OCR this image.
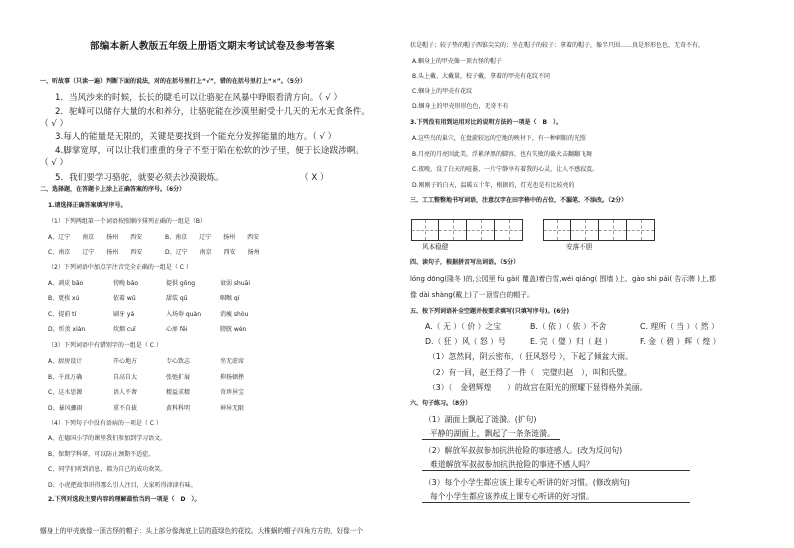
部编本新人教版五年级上册语文期末考试试卷及参考答案
一、听故事（只读一遍）判断下面的说法，对的在括号里打上“√”，错的在括号里打上“×”。（5分）
1．当风沙来的时候，长长的睫毛可以让骆驼在风暴中睁眼看清方向。（ √ ）
2．驼峰可以储存大量的水和养分，让骆驼能在沙漠里耐受十几天的无水无食条件。
（ √ ）
3.每人的能量是无限的，关键是要找到一个能充分发挥能量的地方。（ √ ）
4.脚掌宽厚，可以让我们重重的身子不至于陷在松软的沙子里，便于长途跋涉啊。
（ √ ）
5．我们要学习骆驼，就要必须去沙漠锻炼。	（ X ）
二、选择题，在答题卡上涂上正确答案的序号。（6分）
1.请选择正确答案填写序号。
（1）下列两组第一个词语按照顺序排列正确的一组是（B）
A、辽宁　　南京　　扬州　　西安	B、南京　　辽宁　　扬州　　西安
C、南京　　辽宁　　扬州　　西安	D、辽宁　　南京　　西安　　扬州
（2）下列词语中加点字注音完全正确的一组是（ C ）
A、剥皮 bāo	傍晚 bāo	提供 gōng	衰弱 shuāi
B、更挨 xú	依着 wǔ	甜装 qǔ	咽喉 qí
C、提前 tí	刷牙 yá	入场券 quàn	消瘦 shòu
D、忻羡 xiàn	炊烟 cuī	心扉 fēi	膀胱 wén
（3）下列词语中有错别字的一组是（ C ）
A、厨房设计	开心地方	专心致志	坐无虚席
B、千真万确	自高自大	张弛扩展	抑扬顿挫
C、这水思源	语人不奢	精益求精	奇珍异宝
D、暴风骤雨	重不自拔	黄科科明	神异无限
（4）下列句子中没有语病的一项是（ C ）
A、在德国小学的课里我们参加到学习语文。
B、保期学科研，可以防止颈期不适症。
C、同学们听到消息，都为自己的成功欢笑。
D、小虎把故事讲得那么引人注目，大家听得津津有味。
2.下列对选段主要内容的理解最恰当的一项是（　D　）。
蝈身上的甲壳就像一顶古怪的帽子：头上部分像海底上层的蓝绿色的花纹。大椎蜗的帽子四角方方的，好像一个
状是帽子；较子垫的帽子西锥尖尖的；坐在帽子的较子：拿着的帽子，像半只围……真是形形色色，无奇不有。
A.蝈身上的甲壳像一顶古怪的帽子
B.头上戴、大戴量，校子戴，拿着的甲壳有花纹不同
C.蝈身上的甲壳有花纹
D.蝈身上的甲壳形形色色，无奇不有
3.下列没有用到运用对比的说明方法的一项是（　B　）。
A.这些鸟的巢穴，在盘旋较远的空地的映衬下，有一种刺眼的光照
B.月亮的月亮因此美，浮累泽黑的脚容，也有失败的截火击翻翻飞舞
C.夜晚，没了白天的喧嚣，一片宁静享有着我的心灵，让人不感寂寞。
D.刚刚子的白天，温暖五十年，根据的，灯光也是有比较亮的
三、工工整整地书写词语，注意汉字在田字格中的占位，不漏笔、不添改。（2分）
风本稳健	安落不胆
四、读句子，根据拼音写出词语。（5分）
lóng dōng(隆冬 )的,公园里 fù gài( 覆盖)着白雪,wéi qiáng( 围墙 )上、gào shì pái( 告示牌 )上,都
像 dài shàng(戴上)了一顶雪白的帽子。
五、按下列词语补全空题并按要求填写(只填写序号)。(6分)
A.（ 无 ）（ 价 ）之宝	B.（ 依 ）（ 依 ）不舍	C. 理所（ 当 ）（ 然 ）
D.（ 狂 ）风（ 怒 ）号	E. 完（ 璧 ）归（ 赵 ）	F. 金（ 碧 ）辉（ 煌 ）
（1）忽然间，阴云密布，（ 狂风怒号 ），下起了倾盆大雨。
（2）有一回，赵王得了一件（　完璧归赵　），叫和氏璧。
（3）（　金碧辉煌　　）的故宫在阳光的照耀下显得格外美丽。
六、句子练习。（8分）
（1）湖面上飘起了涟漪。(扩句)
平静的湖面上，飘起了一条条涟漪。
（2）解放军叔叔参加抗洪抢险的事迹感人。(改为反问句)
难道解放军叔叔参加抗洪抢险的事迹不感人吗？
（3）每个小学生都应该上课专心听讲的好习惯。(修改病句)
每个小学生都应该养成上课专心听讲的好习惯。
